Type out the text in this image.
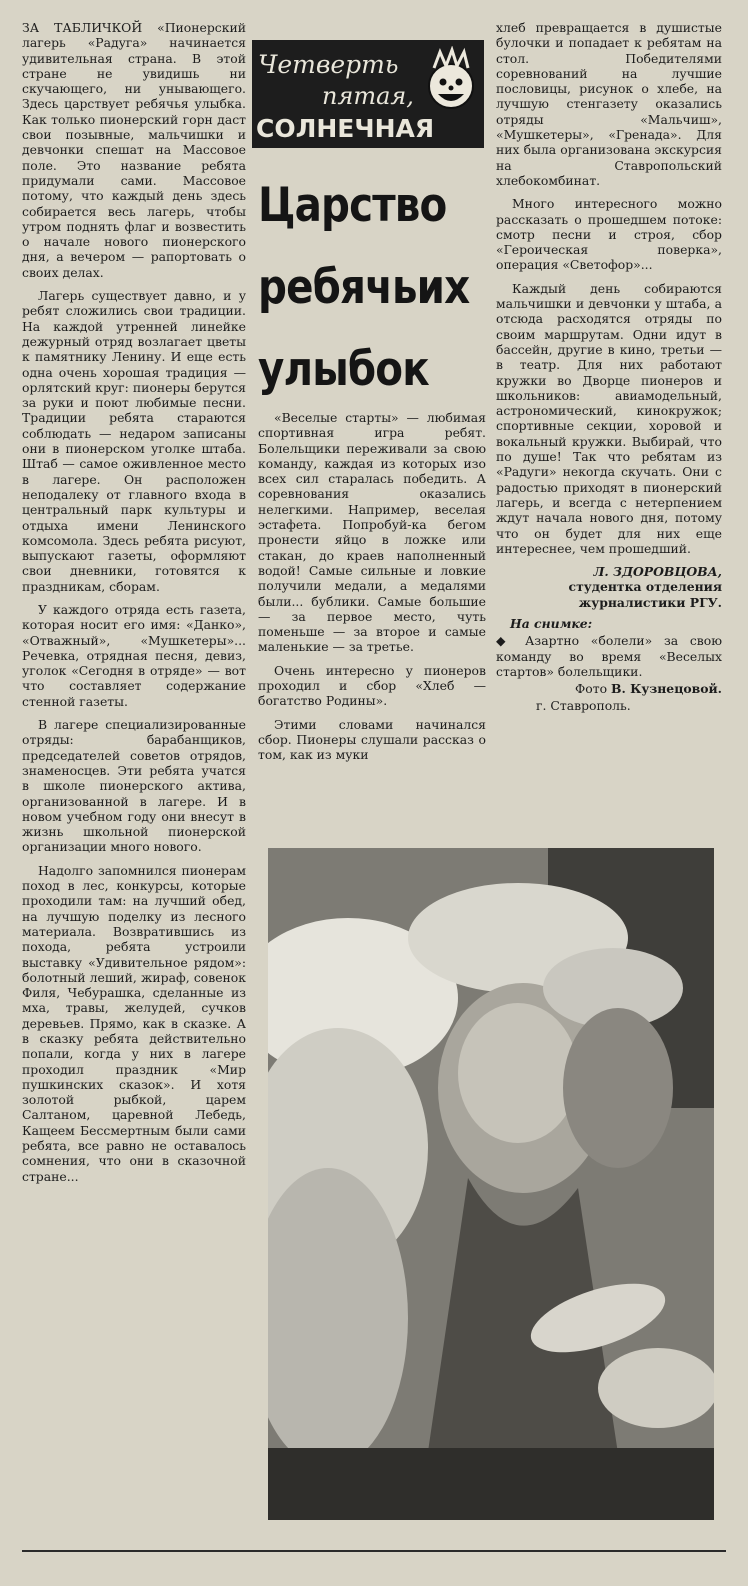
ЗА ТАБЛИЧКОЙ «Пионерский лагерь «Радуга» начинается удивительная страна. В этой стране не увидишь ни скучающего, ни унывающего. Здесь царствует ребячья улыбка. Как только пионерский горн даст свои позывные, мальчишки и девчонки спешат на Массовое поле. Это название ребята придумали сами. Массовое потому, что каждый день здесь собирается весь лагерь, чтобы утром поднять флаг и возвестить о начале нового пионерского дня, а вечером — рапортовать о своих делах.

Лагерь существует давно, и у ребят сложились свои традиции. На каждой утренней линейке дежурный отряд возлагает цветы к памятнику Ленину. И еще есть одна очень хорошая традиция — орлятский круг: пионеры берутся за руки и поют любимые песни. Традиции ребята стараются соблюдать — недаром записаны они в пионерском уголке штаба. Штаб — самое оживленное место в лагере. Он расположен неподалеку от главного входа в центральный парк культуры и отдыха имени Ленинского комсомола. Здесь ребята рисуют, выпускают газеты, оформляют свои дневники, готовятся к праздникам, сборам.

У каждого отряда есть газета, которая носит его имя: «Данко», «Отважный», «Мушкетеры»... Речевка, отрядная песня, девиз, уголок «Сегодня в отряде» — вот что составляет содержание стенной газеты.

В лагере специализированные отряды: барабанщиков, председателей советов отрядов, знаменосцев. Эти ребята учатся в школе пионерского актива, организованной в лагере. И в новом учебном году они внесут в жизнь школьной пионерской организации много нового.

Надолго запомнился пионерам поход в лес, конкурсы, которые проходили там: на лучший обед, на лучшую поделку из лесного материала. Возвратившись из похода, ребята устроили выставку «Удивительное рядом»: болотный леший, жираф, совенок Филя, Чебурашка, сделанные из мха, травы, желудей, сучков деревьев. Прямо, как в сказке. А в сказку ребята действительно попали, когда у них в лагере проходил праздник «Мир пушкинских сказок». И хотя золотой рыбкой, царем Салтаном, царевной Лебедь, Кащеем Бессмертным были сами ребята, все равно не оставалось сомнения, что они в сказочной стране...

Четверть
пятая,
СОЛНЕЧНАЯ
Царство
ребячьих
улыбок

«Веселые старты» — любимая спортивная игра ребят. Болельщики переживали за свою команду, каждая из которых изо всех сил старалась победить. А соревнования оказались нелегкими. Например, веселая эстафета. Попробуй-ка бегом пронести яйцо в ложке или стакан, до краев наполненный водой! Самые сильные и ловкие получили медали, а медалями были... бублики. Самые большие — за первое место, чуть поменьше — за второе и самые маленькие — за третье.

Очень интересно у пионеров проходил и сбор «Хлеб — богатство Родины».

Этими словами начинался сбор. Пионеры слушали рассказ о том, как из муки

хлеб превращается в душистые булочки и попадает к ребятам на стол. Победителями соревнований на лучшие пословицы, рисунок о хлебе, на лучшую стенгазету оказались отряды «Мальчиш», «Мушкетеры», «Гренада». Для них была организована экскурсия на Ставропольский хлебокомбинат.

Много интересного можно рассказать о прошедшем потоке: смотр песни и строя, сбор «Героическая поверка», операция «Светофор»...

Каждый день собираются мальчишки и девчонки у штаба, а отсюда расходятся отряды по своим маршрутам. Одни идут в бассейн, другие в кино, третьи — в театр. Для них работают кружки во Дворце пионеров и школьников: авиамодельный, астрономический, кинокружок; спортивные секции, хоровой и вокальный кружки. Выбирай, что по душе! Так что ребятам из «Радуги» некогда скучать. Они с радостью приходят в пионерский лагерь, и всегда с нетерпением ждут начала нового дня, потому что он будет для них еще интереснее, чем прошедший.

Л. ЗДОРОВЦОВА,
студентка отделения журналистики РГУ.
На снимке:
◆ Азартно «болели» за свою команду во время «Веселых стартов» болельщики.
Фото В. Кузнецовой.
г. Ставрополь.
